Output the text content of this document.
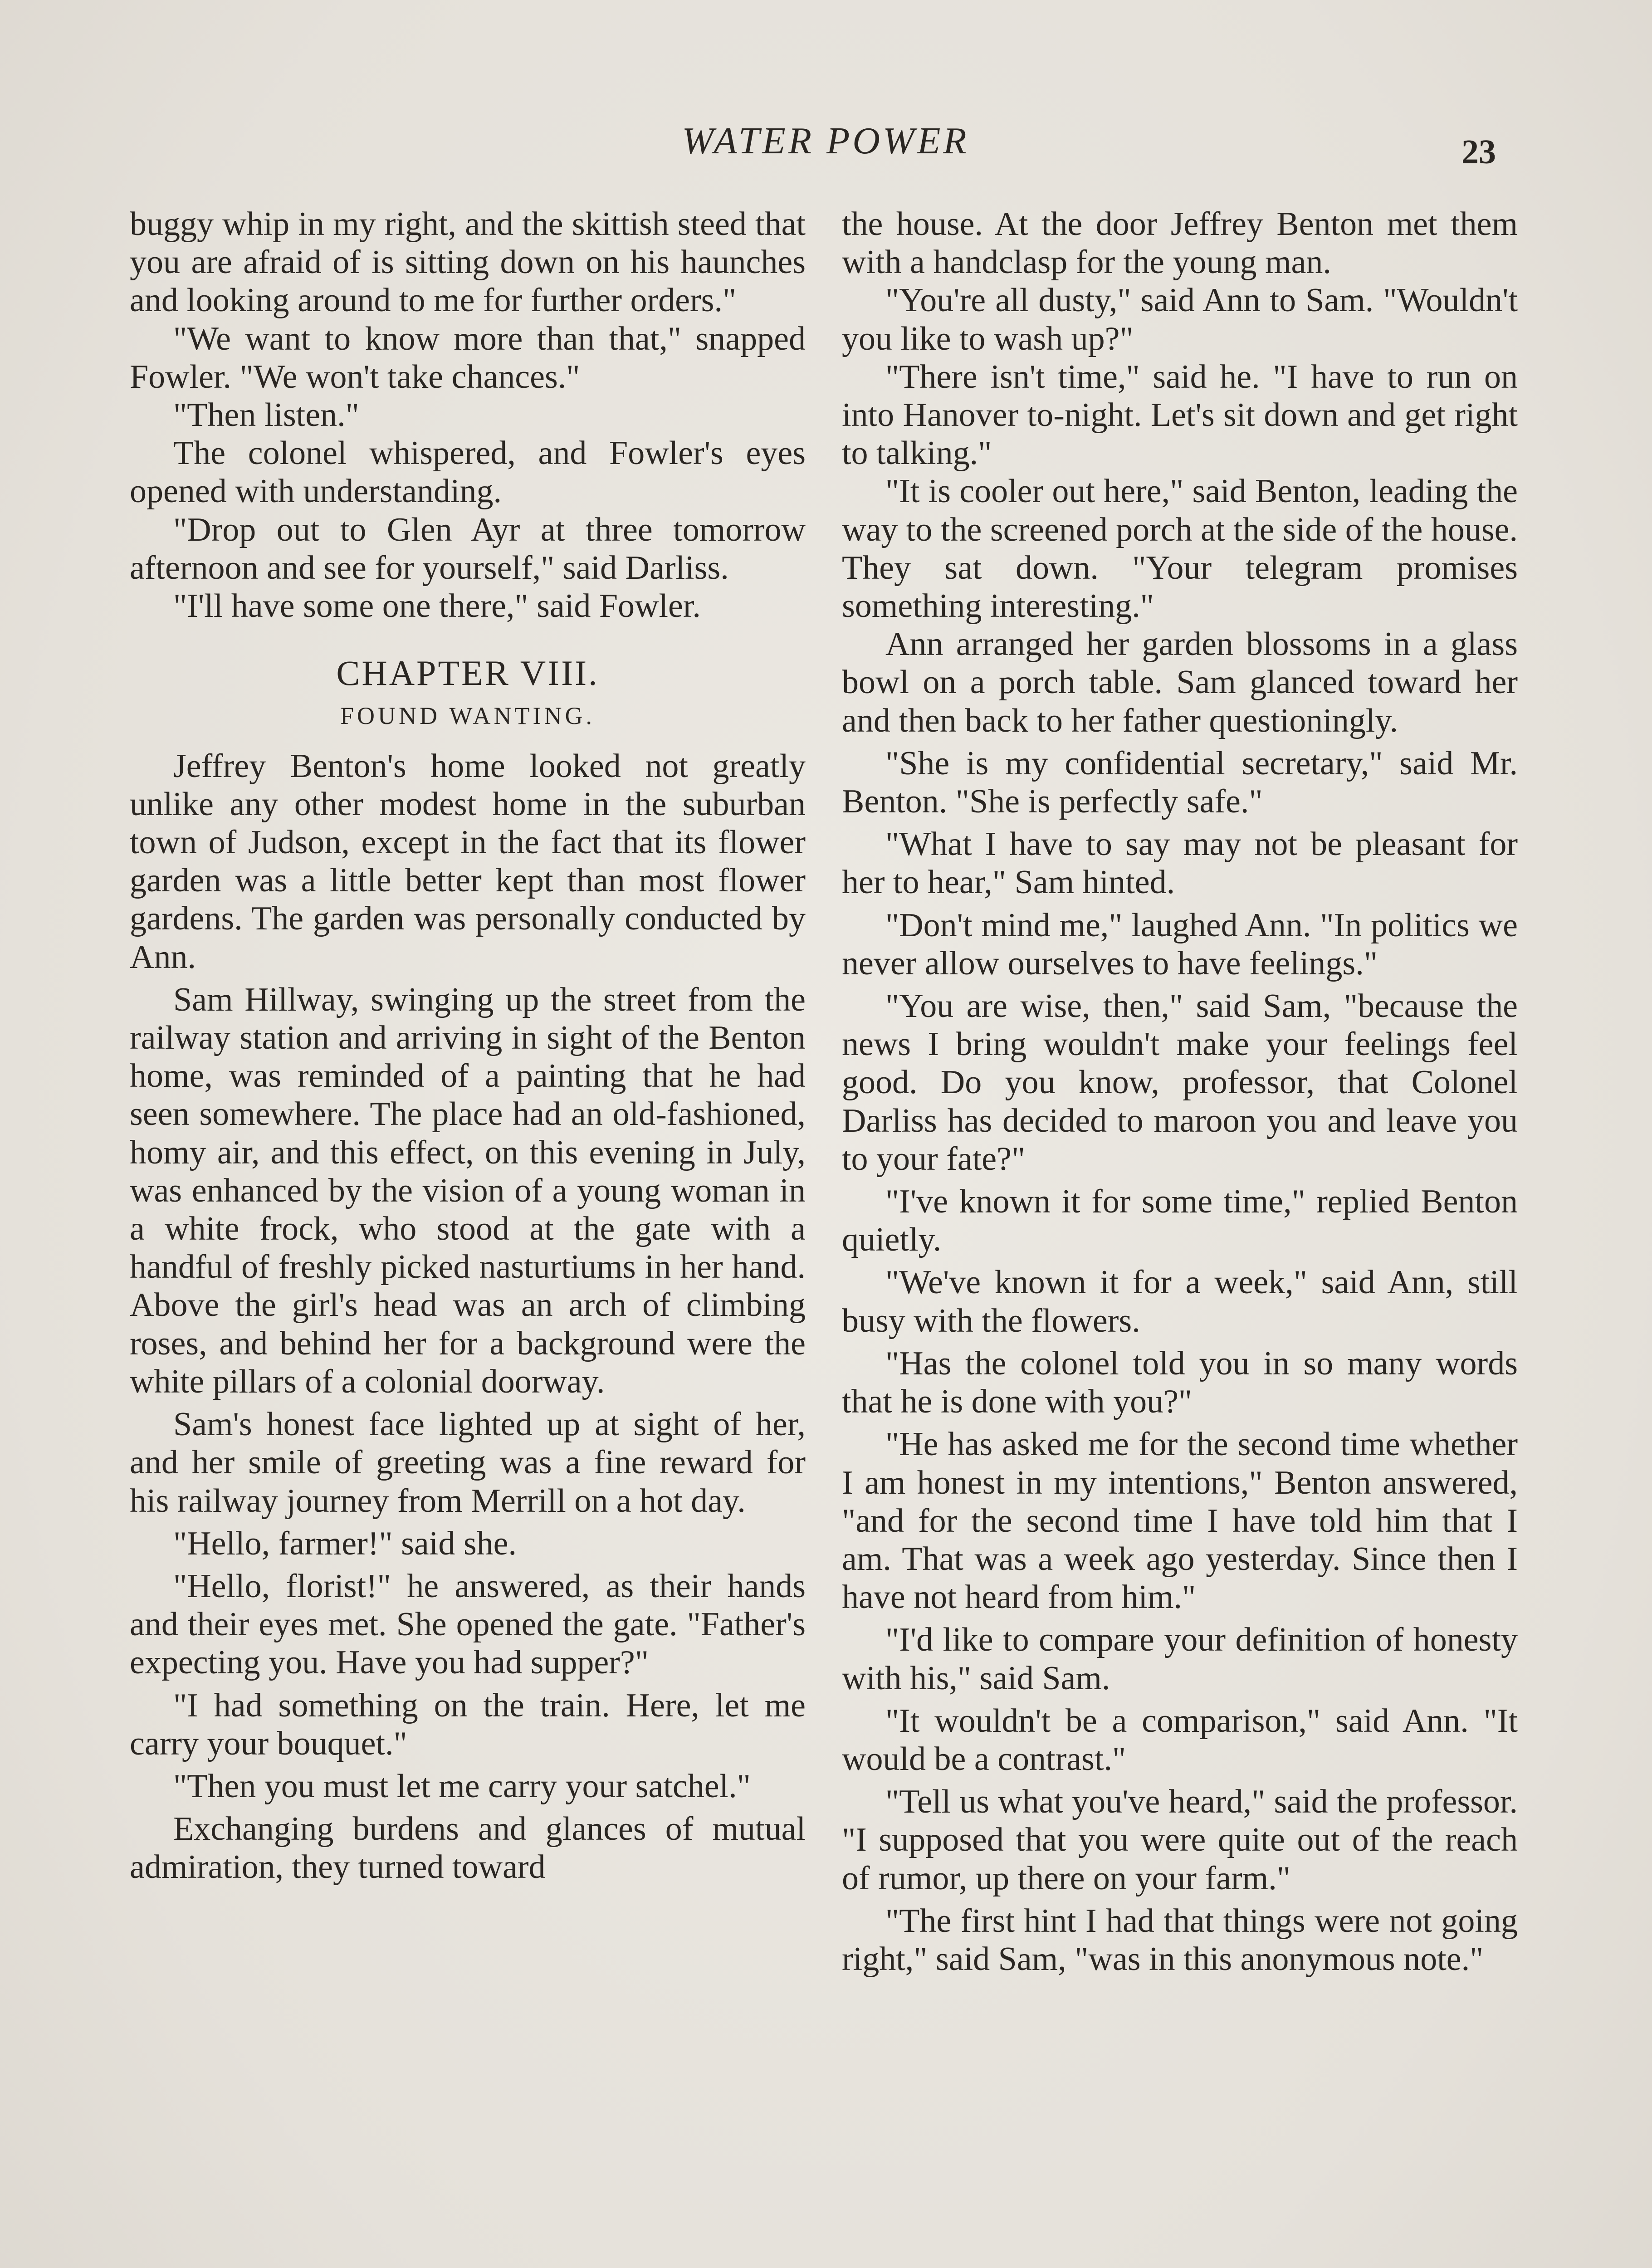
WATER POWER	23

buggy whip in my right, and the skittish steed that you are afraid of is sitting down on his haunches and looking around to me for further orders."

"We want to know more than that," snapped Fowler. "We won't take chances."

"Then listen."

The colonel whispered, and Fowler's eyes opened with understanding.

"Drop out to Glen Ayr at three tomorrow afternoon and see for yourself," said Darliss.

"I'll have some one there," said Fowler.

CHAPTER VIII.
FOUND WANTING.

Jeffrey Benton's home looked not greatly unlike any other modest home in the suburban town of Judson, except in the fact that its flower garden was a little better kept than most flower gardens. The garden was personally conducted by Ann.

Sam Hillway, swinging up the street from the railway station and arriving in sight of the Benton home, was reminded of a painting that he had seen somewhere. The place had an old-fashioned, homy air, and this effect, on this evening in July, was enhanced by the vision of a young woman in a white frock, who stood at the gate with a handful of freshly picked nasturtiums in her hand. Above the girl's head was an arch of climbing roses, and behind her for a background were the white pillars of a colonial doorway.

Sam's honest face lighted up at sight of her, and her smile of greeting was a fine reward for his railway journey from Merrill on a hot day.

"Hello, farmer!" said she.

"Hello, florist!" he answered, as their hands and their eyes met. She opened the gate. "Father's expecting you. Have you had supper?"

"I had something on the train. Here, let me carry your bouquet."

"Then you must let me carry your satchel."

Exchanging burdens and glances of mutual admiration, they turned toward

the house. At the door Jeffrey Benton met them with a handclasp for the young man.

"You're all dusty," said Ann to Sam. "Wouldn't you like to wash up?"

"There isn't time," said he. "I have to run on into Hanover to-night. Let's sit down and get right to talking."

"It is cooler out here," said Benton, leading the way to the screened porch at the side of the house. They sat down. "Your telegram promises something interesting."

Ann arranged her garden blossoms in a glass bowl on a porch table. Sam glanced toward her and then back to her father questioningly.

"She is my confidential secretary," said Mr. Benton. "She is perfectly safe."

"What I have to say may not be pleasant for her to hear," Sam hinted.

"Don't mind me," laughed Ann. "In politics we never allow ourselves to have feelings."

"You are wise, then," said Sam, "because the news I bring wouldn't make your feelings feel good. Do you know, professor, that Colonel Darliss has decided to maroon you and leave you to your fate?"

"I've known it for some time," replied Benton quietly.

"We've known it for a week," said Ann, still busy with the flowers.

"Has the colonel told you in so many words that he is done with you?"

"He has asked me for the second time whether I am honest in my intentions," Benton answered, "and for the second time I have told him that I am. That was a week ago yesterday. Since then I have not heard from him."

"I'd like to compare your definition of honesty with his," said Sam.

"It wouldn't be a comparison," said Ann. "It would be a contrast."

"Tell us what you've heard," said the professor. "I supposed that you were quite out of the reach of rumor, up there on your farm."

"The first hint I had that things were not going right," said Sam, "was in this anonymous note."
